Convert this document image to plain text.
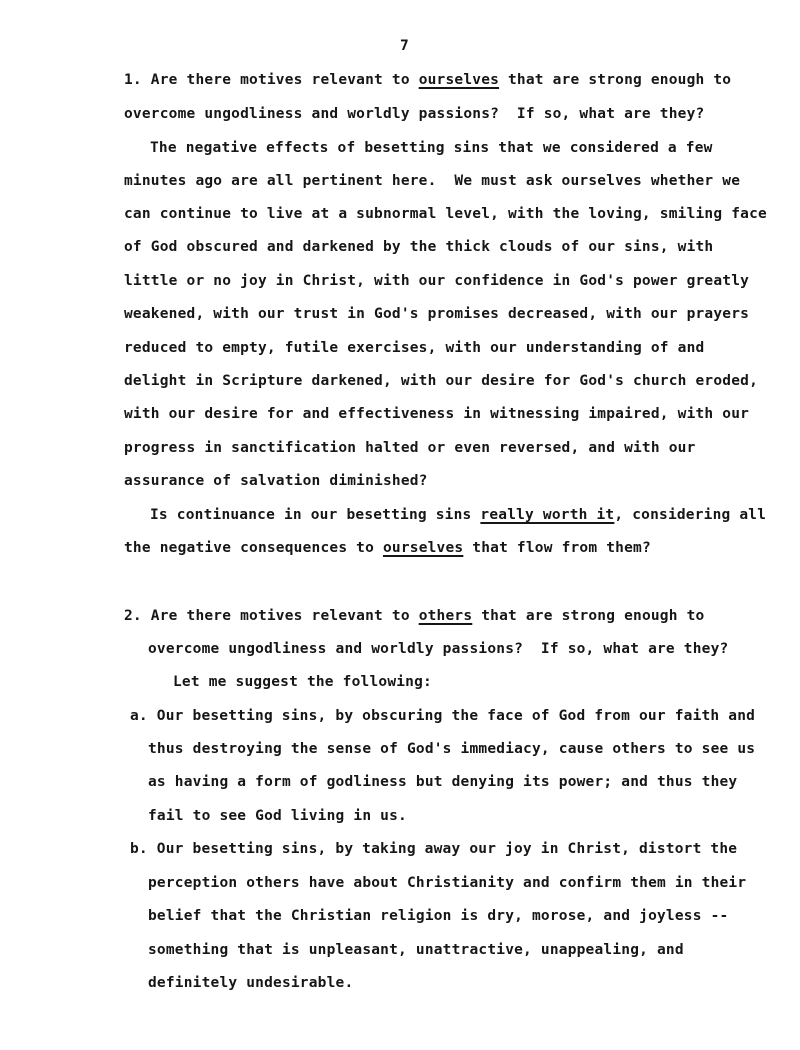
7
1. Are there motives relevant to ourselves that are strong enough to
overcome ungodliness and worldly passions?  If so, what are they?
The negative effects of besetting sins that we considered a few
minutes ago are all pertinent here.  We must ask ourselves whether we
can continue to live at a subnormal level, with the loving, smiling face
of God obscured and darkened by the thick clouds of our sins, with
little or no joy in Christ, with our confidence in God's power greatly
weakened, with our trust in God's promises decreased, with our prayers
reduced to empty, futile exercises, with our understanding of and
delight in Scripture darkened, with our desire for God's church eroded,
with our desire for and effectiveness in witnessing impaired, with our
progress in sanctification halted or even reversed, and with our
assurance of salvation diminished?
Is continuance in our besetting sins really worth it, considering all
the negative consequences to ourselves that flow from them?
2. Are there motives relevant to others that are strong enough to
overcome ungodliness and worldly passions?  If so, what are they?
Let me suggest the following:
a. Our besetting sins, by obscuring the face of God from our faith and
thus destroying the sense of God's immediacy, cause others to see us
as having a form of godliness but denying its power; and thus they
fail to see God living in us.
b. Our besetting sins, by taking away our joy in Christ, distort the
perception others have about Christianity and confirm them in their
belief that the Christian religion is dry, morose, and joyless --
something that is unpleasant, unattractive, unappealing, and
definitely undesirable.
